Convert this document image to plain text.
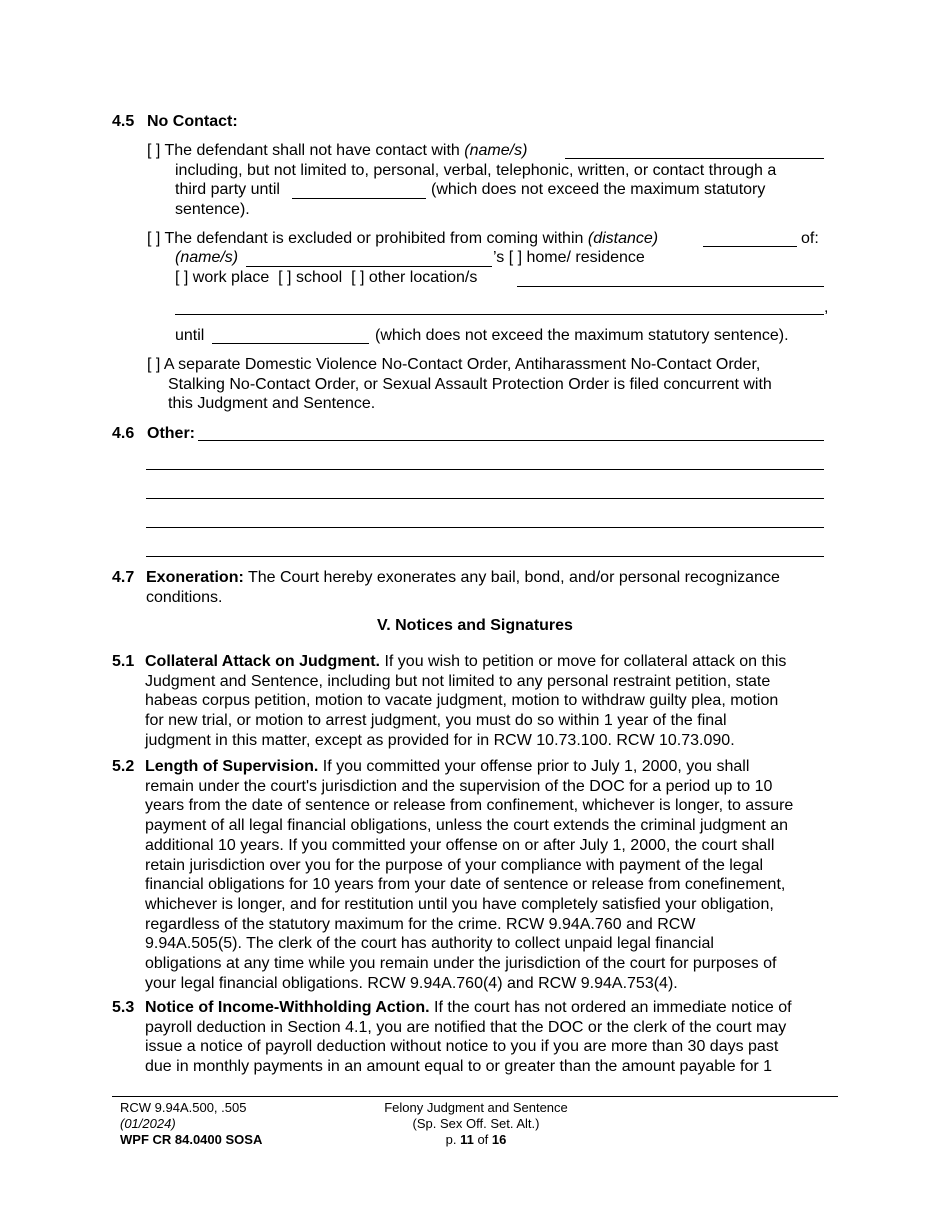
4.5 No Contact:
[ ] The defendant shall not have contact with (name/s)
including, but not limited to, personal, verbal, telephonic, written, or contact through a
third party until	(which does not exceed the maximum statutory
sentence).
[ ] The defendant is excluded or prohibited from coming within (distance)	of:
(name/s)	’s [ ] home/ residence
[ ] work place [ ] school [ ] other location/s
,
until	(which does not exceed the maximum statutory sentence).
[ ] A separate Domestic Violence No-Contact Order, Antiharassment No-Contact Order,
Stalking No-Contact Order, or Sexual Assault Protection Order is filed concurrent with
this Judgment and Sentence.
4.6 Other:
4.7 Exoneration: The Court hereby exonerates any bail, bond, and/or personal recognizance
conditions.
V. Notices and Signatures
5.1 Collateral Attack on Judgment. If you wish to petition or move for collateral attack on this
Judgment and Sentence, including but not limited to any personal restraint petition, state
habeas corpus petition, motion to vacate judgment, motion to withdraw guilty plea, motion
for new trial, or motion to arrest judgment, you must do so within 1 year of the final
judgment in this matter, except as provided for in RCW 10.73.100. RCW 10.73.090.
5.2 Length of Supervision. If you committed your offense prior to July 1, 2000, you shall
remain under the court's jurisdiction and the supervision of the DOC for a period up to 10
years from the date of sentence or release from confinement, whichever is longer, to assure
payment of all legal financial obligations, unless the court extends the criminal judgment an
additional 10 years. If you committed your offense on or after July 1, 2000, the court shall
retain jurisdiction over you for the purpose of your compliance with payment of the legal
financial obligations for 10 years from your date of sentence or release from conefinement,
whichever is longer, and for restitution until you have completely satisfied your obligation,
regardless of the statutory maximum for the crime. RCW 9.94A.760 and RCW
9.94A.505(5). The clerk of the court has authority to collect unpaid legal financial
obligations at any time while you remain under the jurisdiction of the court for purposes of
your legal financial obligations. RCW 9.94A.760(4) and RCW 9.94A.753(4).
5.3 Notice of Income-Withholding Action. If the court has not ordered an immediate notice of
payroll deduction in Section 4.1, you are notified that the DOC or the clerk of the court may
issue a notice of payroll deduction without notice to you if you are more than 30 days past
due in monthly payments in an amount equal to or greater than the amount payable for 1
RCW 9.94A.500, .505
(01/2024)
WPF CR 84.0400 SOSA
Felony Judgment and Sentence
(Sp. Sex Off. Set. Alt.)
p. 11 of 16
